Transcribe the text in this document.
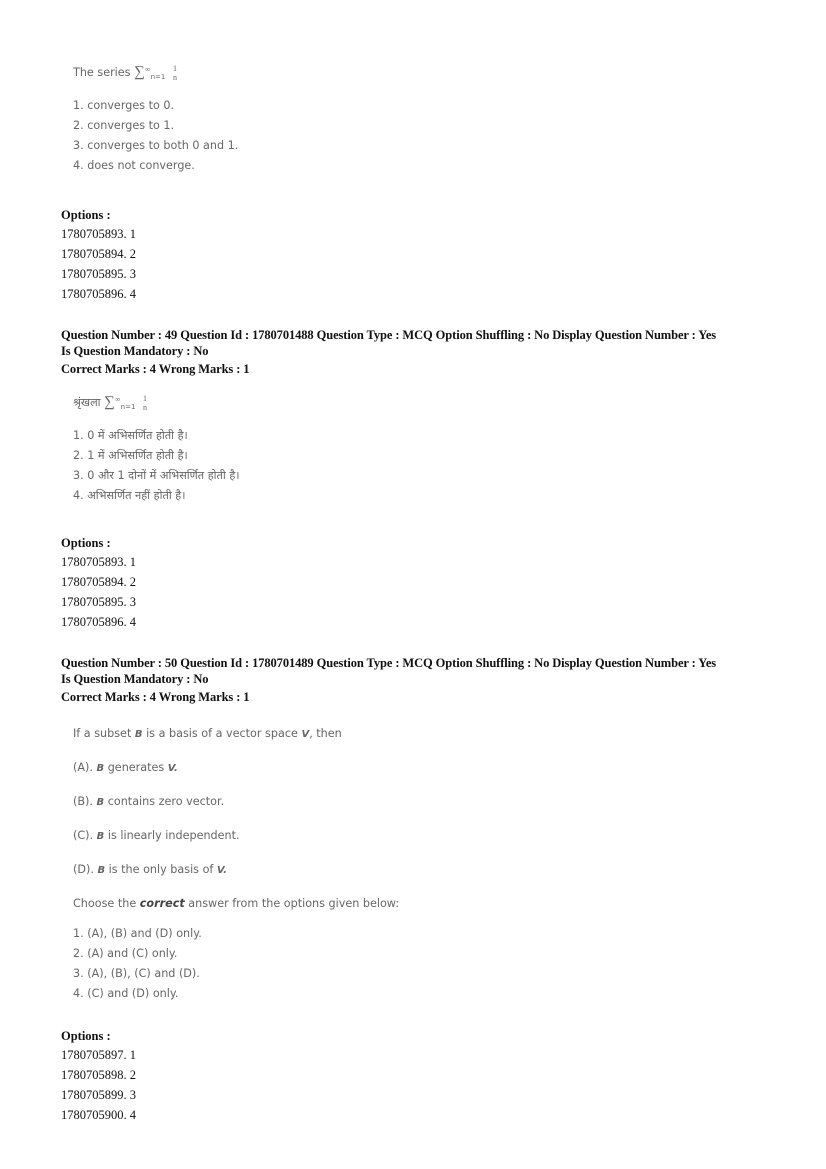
The series $\sum^\infty_{n=1}$ 1
n
1. converges to 0.
2. converges to 1.
3. converges to both 0 and 1.
4. does not converge.
Options :
1780705893. 1
1780705894. 2
1780705895. 3
1780705896. 4
Question Number : 49 Question Id : 1780701488 Question Type : MCQ Option Shuffling : No Display Question Number : Yes
Is Question Mandatory : No
Correct Marks : 4 Wrong Marks : 1
श्रृंखला $\sum^\infty_{n=1}$ 1
n
1. 0 में अभिसर्णित होती है।
2. 1 में अभिसर्णित होती है।
3. 0 और 1 दोनों में अभिसर्णित होती है।
4. अभिसर्णित नहीं होती है।
Options :
1780705893. 1
1780705894. 2
1780705895. 3
1780705896. 4
Question Number : 50 Question Id : 1780701489 Question Type : MCQ Option Shuffling : No Display Question Number : Yes
Is Question Mandatory : No
Correct Marks : 4 Wrong Marks : 1
If a subset B is a basis of a vector space V, then
(A). B generates V.
(B). B contains zero vector.
(C). B is linearly independent.
(D). B is the only basis of V.
Choose the correct answer from the options given below:
1. (A), (B) and (D) only.
2. (A) and (C) only.
3. (A), (B), (C) and (D).
4. (C) and (D) only.
Options :
1780705897. 1
1780705898. 2
1780705899. 3
1780705900. 4
